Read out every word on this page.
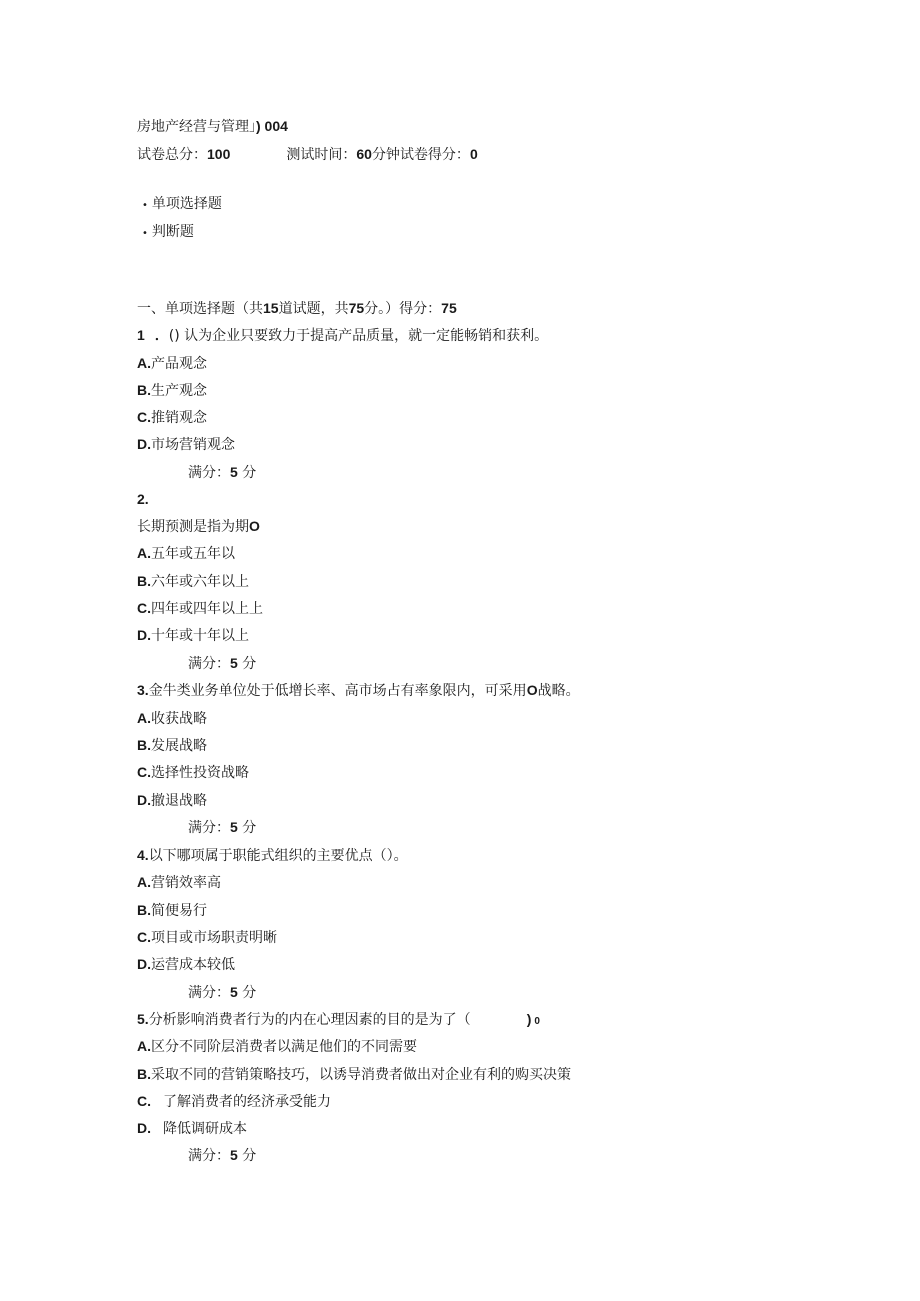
房地产经营与管理」) 004
试卷总分：100	测试时间：60分钟试卷得分：0
• 单项选择题
• 判断题
一、单项选择题（共15道试题，共75分。）得分：75
1 ．() 认为企业只要致力于提高产品质量，就一定能畅销和获利。
A.产品观念
B.生产观念
C.推销观念
D.市场营销观念
满分：5 分
2.
长期预测是指为期O
A.五年或五年以
B.六年或六年以上
C.四年或四年以上上
D.十年或十年以上
满分：5 分
3.金牛类业务单位处于低增长率、高市场占有率象限内，可采用O战略。
A.收获战略
B.发展战略
C.选择性投资战略
D.撤退战略
满分：5 分
4.以下哪项属于职能式组织的主要优点（）。
A.营销效率高
B.简便易行
C.项目或市场职责明晰
D.运营成本较低
满分：5 分
5.分析影响消费者行为的内在心理因素的目的是为了（	) 0
A.区分不同阶层消费者以满足他们的不同需要
B.采取不同的营销策略技巧，以诱导消费者做出对企业有利的购买决策
C. 了解消费者的经济承受能力
D. 降低调研成本
满分：5 分
